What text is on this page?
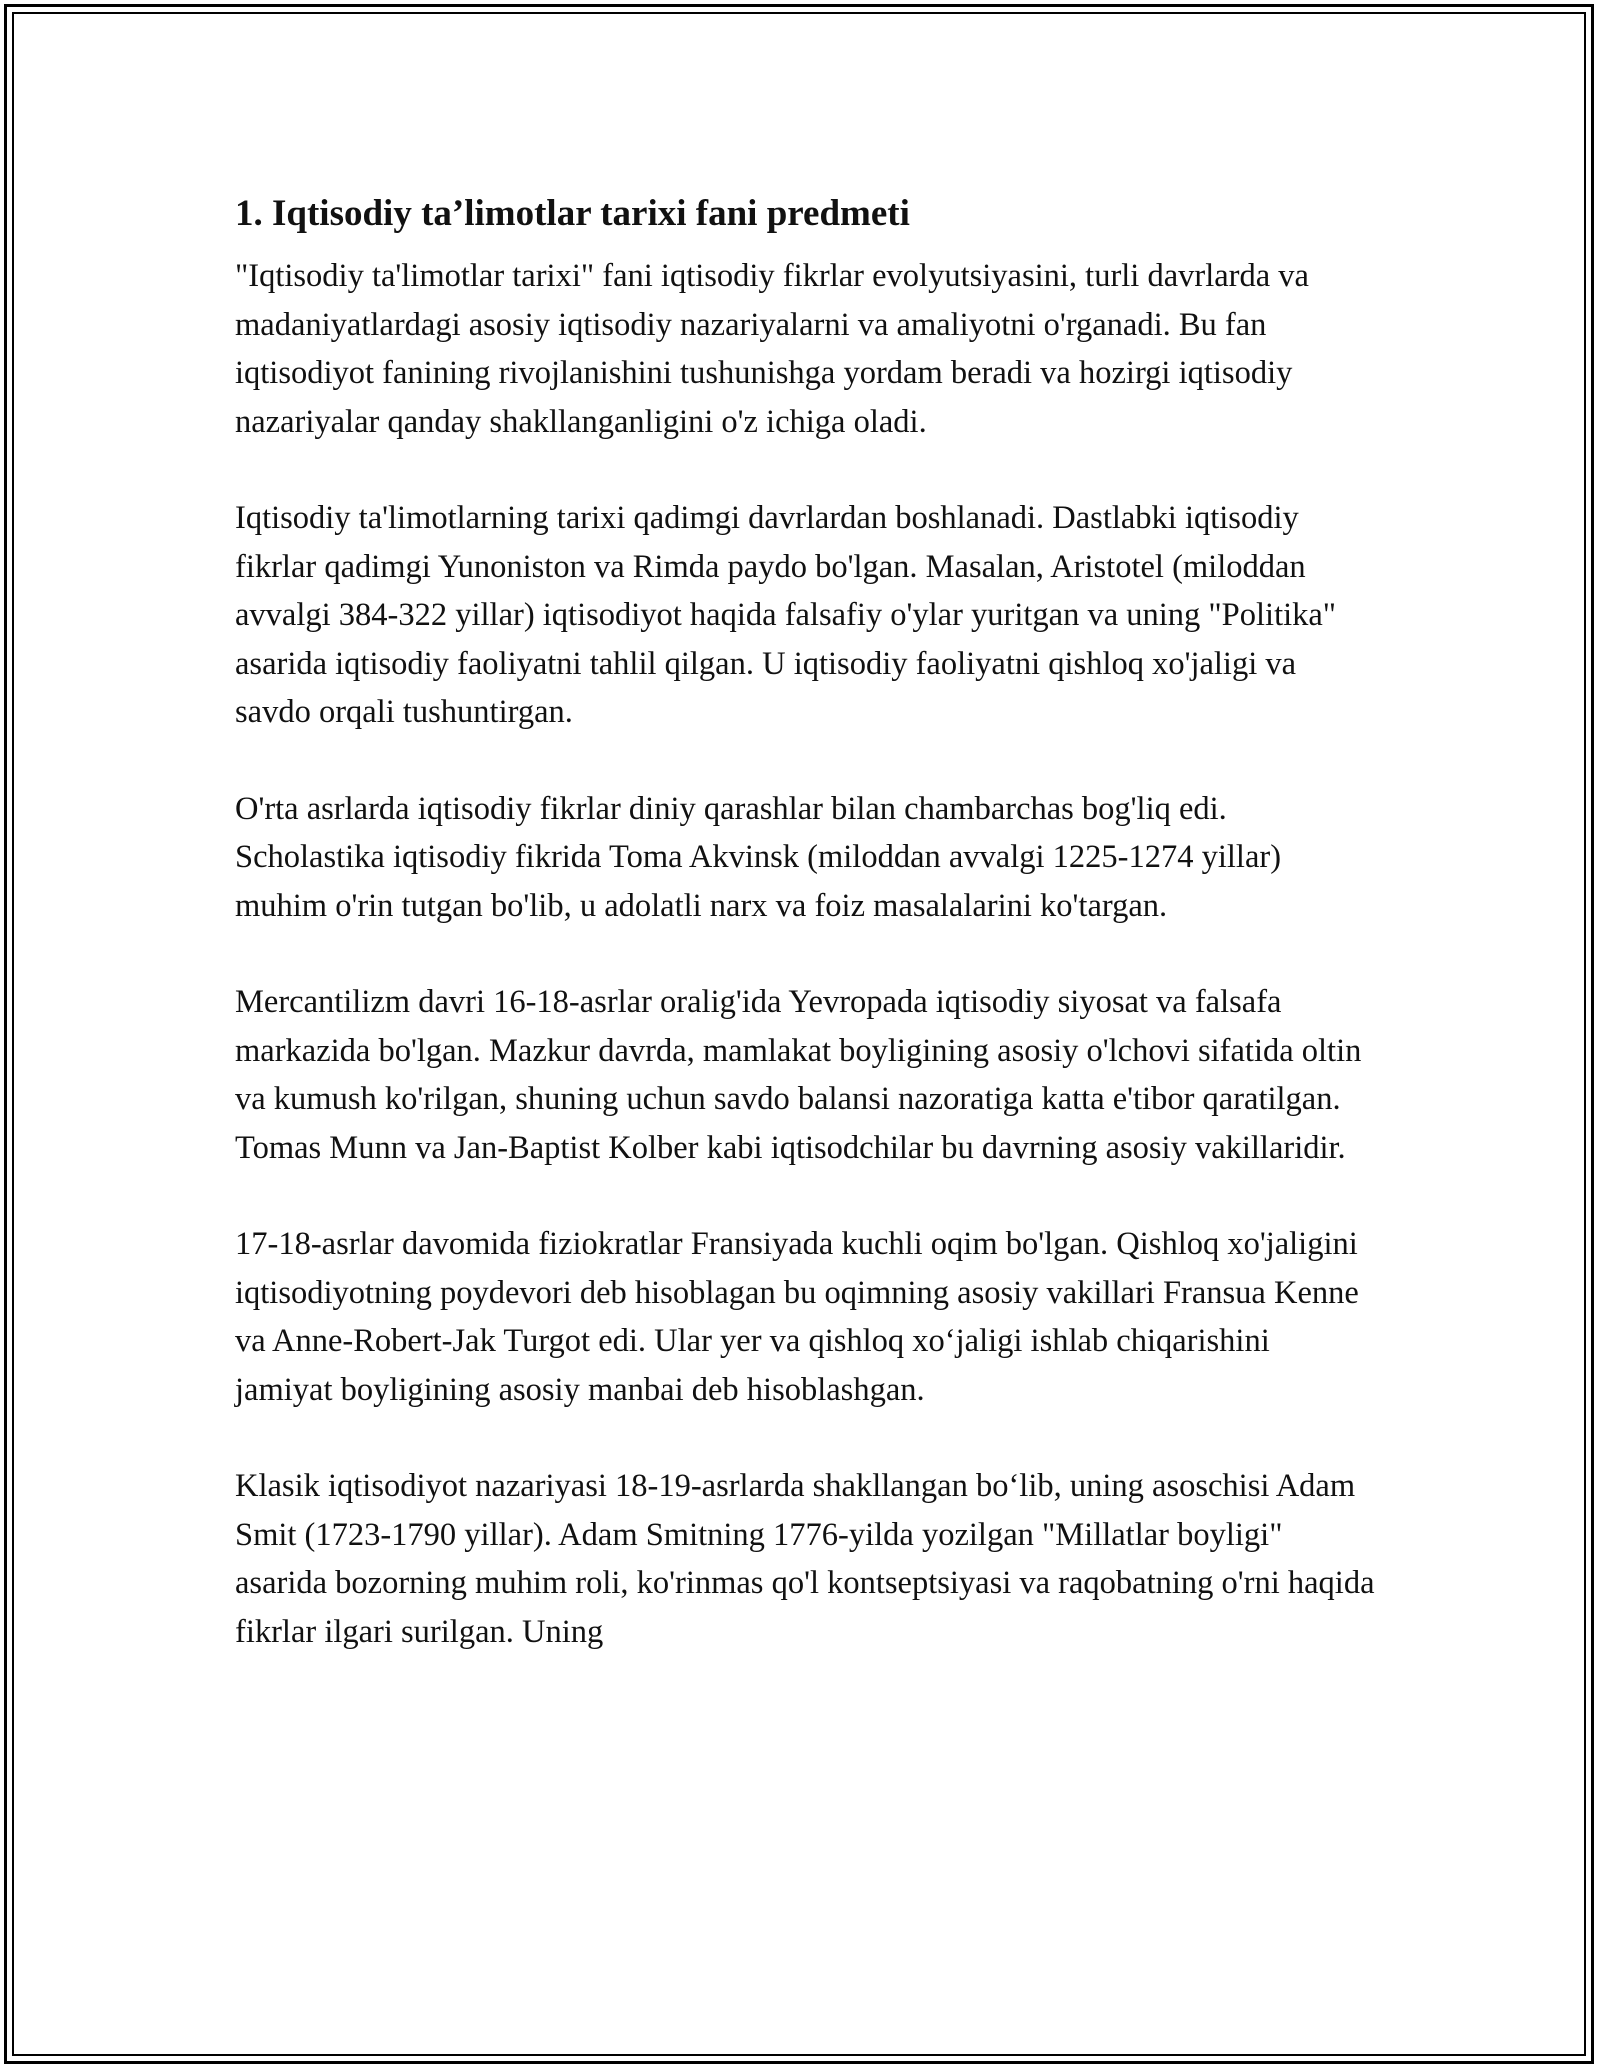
1. Iqtisodiy ta’limotlar tarixi fani predmeti

"Iqtisodiy ta'limotlar tarixi" fani iqtisodiy fikrlar evolyutsiyasini, turli davrlarda va madaniyatlardagi asosiy iqtisodiy nazariyalarni va amaliyotni o'rganadi. Bu fan iqtisodiyot fanining rivojlanishini tushunishga yordam beradi va hozirgi iqtisodiy nazariyalar qanday shakllanganligini o'z ichiga oladi.

Iqtisodiy ta'limotlarning tarixi qadimgi davrlardan boshlanadi. Dastlabki iqtisodiy fikrlar qadimgi Yunoniston va Rimda paydo bo'lgan. Masalan, Aristotel (miloddan avvalgi 384-322 yillar) iqtisodiyot haqida falsafiy o'ylar yuritgan va uning "Politika" asarida iqtisodiy faoliyatni tahlil qilgan. U iqtisodiy faoliyatni qishloq xo'jaligi va savdo orqali tushuntirgan.

O'rta asrlarda iqtisodiy fikrlar diniy qarashlar bilan chambarchas bog'liq edi. Scholastika iqtisodiy fikrida Toma Akvinsk (miloddan avvalgi 1225-1274 yillar) muhim o'rin tutgan bo'lib, u adolatli narx va foiz masalalarini ko'targan.

Mercantilizm davri 16-18-asrlar oralig'ida Yevropada iqtisodiy siyosat va falsafa markazida bo'lgan. Mazkur davrda, mamlakat boyligining asosiy o'lchovi sifatida oltin va kumush ko'rilgan, shuning uchun savdo balansi nazoratiga katta e'tibor qaratilgan. Tomas Munn va Jan-Baptist Kolber kabi iqtisodchilar bu davrning asosiy vakillaridir.

17-18-asrlar davomida fiziokratlar Fransiyada kuchli oqim bo'lgan. Qishloq xo'jaligini iqtisodiyotning poydevori deb hisoblagan bu oqimning asosiy vakillari Fransua Kenne va Anne-Robert-Jak Turgot edi. Ular yer va qishloq xo‘jaligi ishlab chiqarishini jamiyat boyligining asosiy manbai deb hisoblashgan.

Klasik iqtisodiyot nazariyasi 18-19-asrlarda shakllangan bo‘lib, uning asoschisi Adam Smit (1723-1790 yillar). Adam Smitning 1776-yilda yozilgan "Millatlar boyligi" asarida bozorning muhim roli, ko'rinmas qo'l kontseptsiyasi va raqobatning o'rni haqida fikrlar ilgari surilgan. Uning
